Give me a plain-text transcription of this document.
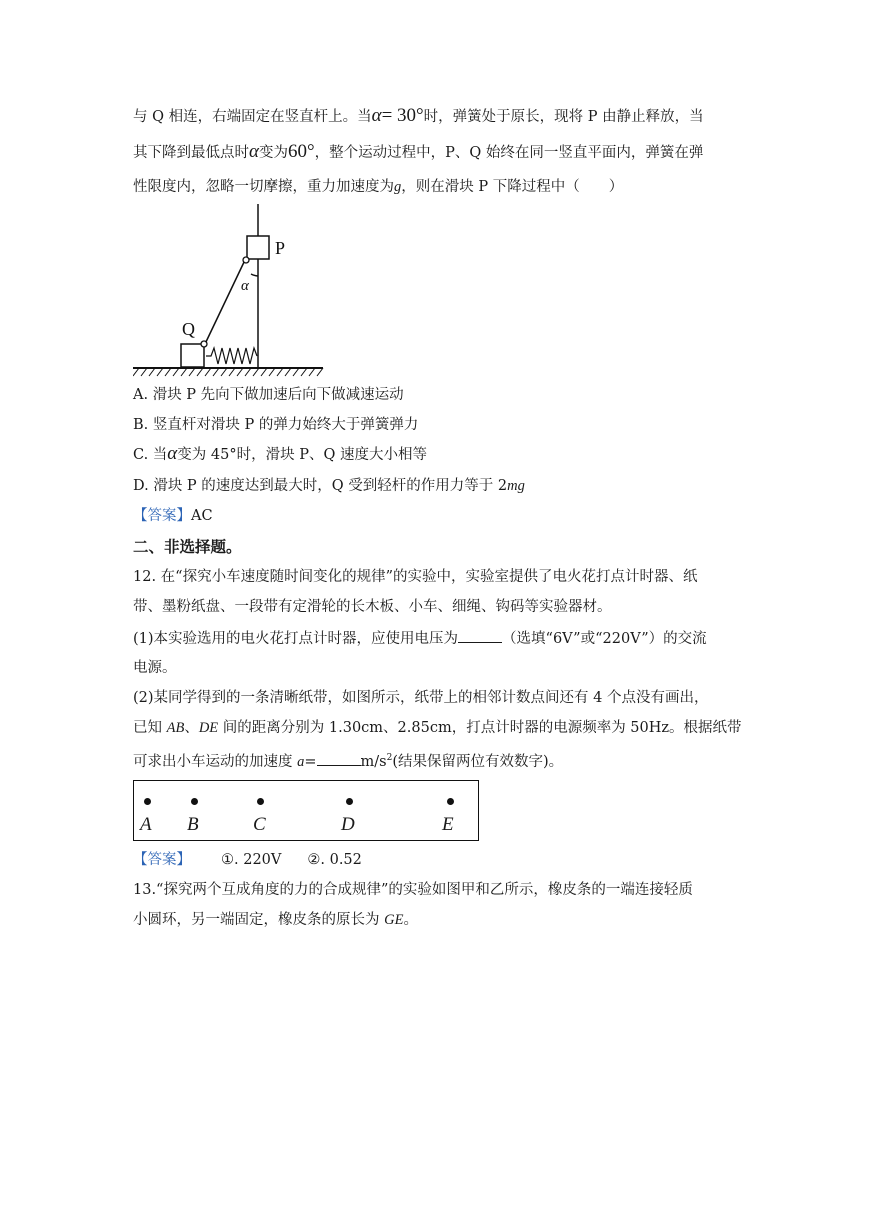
与 Q 相连，右端固定在竖直杆上。当α= 30°时，弹簧处于原长，现将 P 由静止释放，当
其下降到最低点时α变为60°，整个运动过程中，P、Q 始终在同一竖直平面内，弹簧在弹
性限度内，忽略一切摩擦，重力加速度为g，则在滑块 P 下降过程中（　　）
P
Q
α
A. 滑块 P 先向下做加速后向下做减速运动
B. 竖直杆对滑块 P 的弹力始终大于弹簧弹力
C. 当α变为 45°时，滑块 P、Q 速度大小相等
D. 滑块 P 的速度达到最大时，Q 受到轻杆的作用力等于 2mg
【答案】AC
二、非选择题。
12. 在“探究小车速度随时间变化的规律”的实验中，实验室提供了电火花打点计时器、纸
带、墨粉纸盘、一段带有定滑轮的长木板、小车、细绳、钩码等实验器材。
(1)本实验选用的电火花打点计时器，应使用电压为	（选填“6V”或“220V”）的交流
电源。
(2)某同学得到的一条清晰纸带，如图所示，纸带上的相邻计数点间还有 4 个点没有画出，
已知 AB、DE 间的距离分别为 1.30cm、2.85cm，打点计时器的电源频率为 50Hz。根据纸带
可求出小车运动的加速度 a=	$m/s^2$(结果保留两位有效数字)。
A B	C	D	E
【答案】 ①. 220V ②. 0.52
13.“探究两个互成角度的力的合成规律”的实验如图甲和乙所示，橡皮条的一端连接轻质
小圆环，另一端固定，橡皮条的原长为 GE。
